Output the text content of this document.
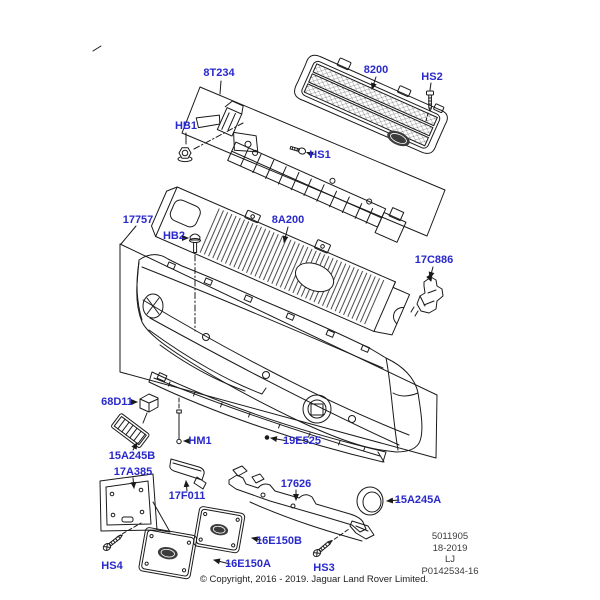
8T234	8200
HS2
HB1
HS1
17757	8A200
HB2
17C886
68D11
HM1	19E525
15A245B
17A385
17626
17F011	15A245A
16E150B
16E150A	HS3
HS4
5011905
18-2019
LJ
P0142534-16
© Copyright, 2016 - 2019. Jaguar Land Rover Limited.
